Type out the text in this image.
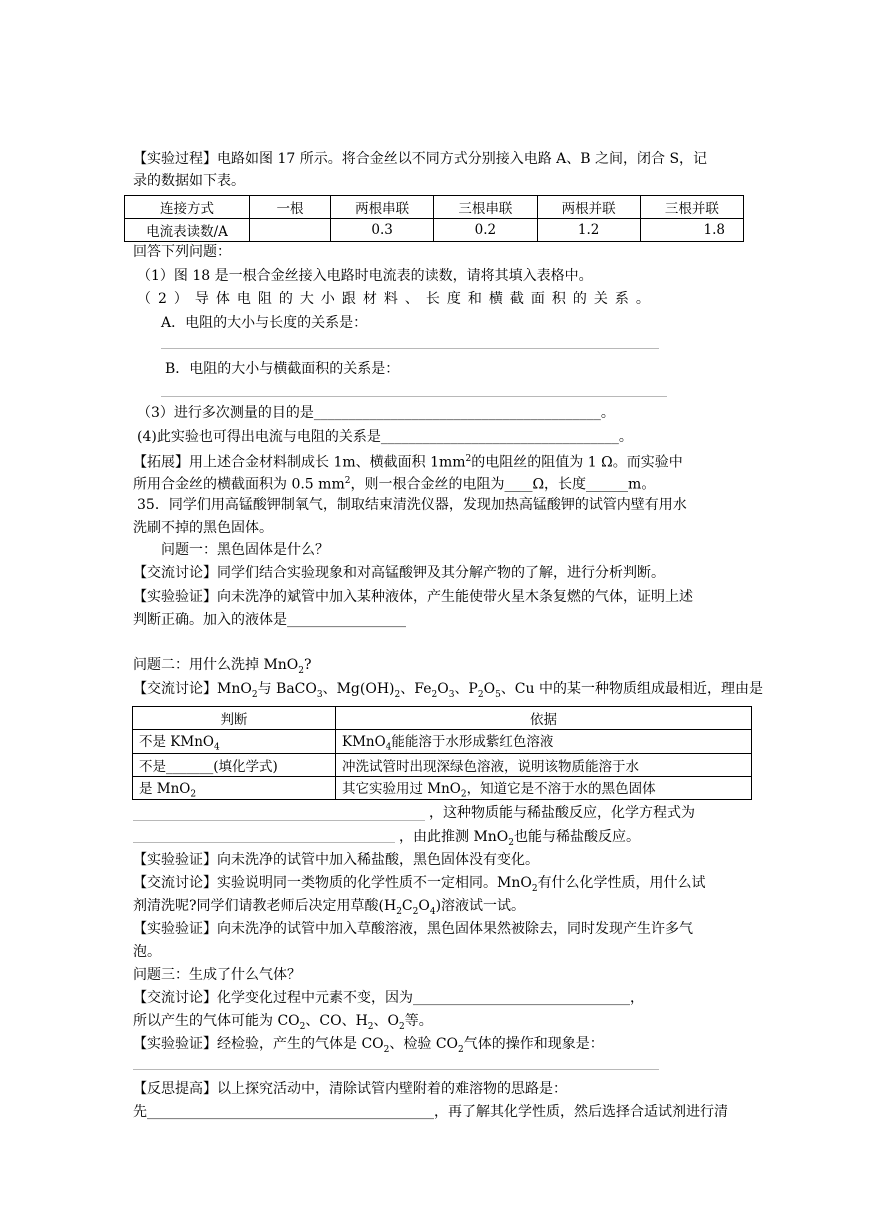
【实验过程】电路如图 17 所示。将合金丝以不同方式分别接入电路 A、B 之间，闭合 S，记
录的数据如下表。
连接方式	一根	两根串联	三根串联	两根并联	三根并联
电流表读数/A		0.3	0.2	1.2	1.8
回答下列问题：
（1）图 18 是一根合金丝接入电路时电流表的读数，请将其填入表格中。
（2）导体电阻的大小跟材料、长度和横截面积的关系。
A．电阻的大小与长度的关系是：
B．电阻的大小与横截面积的关系是：
（3）进行多次测量的目的是_________________________________________。
(4)此实验也可得出电流与电阻的关系是__________________________________。
【拓展】用上述合金材料制成长 1m、横截面积 $1mm^2$的电阻丝的阻值为 1 Ω。而实验中
所用合金丝的横截面积为 0.5 $mm^2$，则一根合金丝的电阻为____Ω，长度______m。
35．同学们用高锰酸钾制氧气，制取结束清洗仪器，发现加热高锰酸钾的试管内壁有用水
洗刷不掉的黑色固体。
问题一：黑色固体是什么？
【交流讨论】同学们结合实验现象和对高锰酸钾及其分解产物的了解，进行分析判断。
【实验验证】向未洗净的斌管中加入某种液体，产生能使带火星木条复燃的气体，证明上述
判断正确。加入的液体是_________________
问题二：用什么洗掉 MnO$_2$?
【交流讨论】MnO$_2$与 BaCO$_3$、$Mg(OH)_2$、$Fe_2O_3$、$P_2O_5$、Cu 中的某一种物质组成最相近，理由是
判断	依据
不是 KMnO$_4$	KMnO$_4$能能溶于水形成紫红色溶液
不是_______(填化学式)	冲洗试管时出现深绿色溶液，说明该物质能溶于水
是 MnO$_2$	其它实验用过 MnO$_2$，知道它是不溶于水的黑色固体
，这种物质能与稀盐酸反应，化学方程式为
，由此推测 MnO$_2$也能与稀盐酸反应。
【实验验证】向未洗净的试管中加入稀盐酸，黑色固体没有变化。
【交流讨论】实验说明同一类物质的化学性质不一定相同。MnO$_2$有什么化学性质，用什么试
剂清洗呢?同学们请教老师后决定用草酸$(H_2C_2O_4)$溶液试一试。
【实验验证】向未洗净的试管中加入草酸溶液，黑色固体果然被除去，同时发现产生许多气
泡。
问题三：生成了什么气体？
【交流讨论】化学变化过程中元素不变，因为_______________________________，
所以产生的气体可能为 $CO_2$、CO、$H_2$、$O_2$等。
【实验验证】经检验，产生的气体是 $CO_2$、检验 $CO_2$气体的操作和现象是：
【反思提高】以上探究活动中，清除试管内壁附着的难溶物的思路是：
先_________________________________________，再了解其化学性质，然后选择合适试剂进行清
